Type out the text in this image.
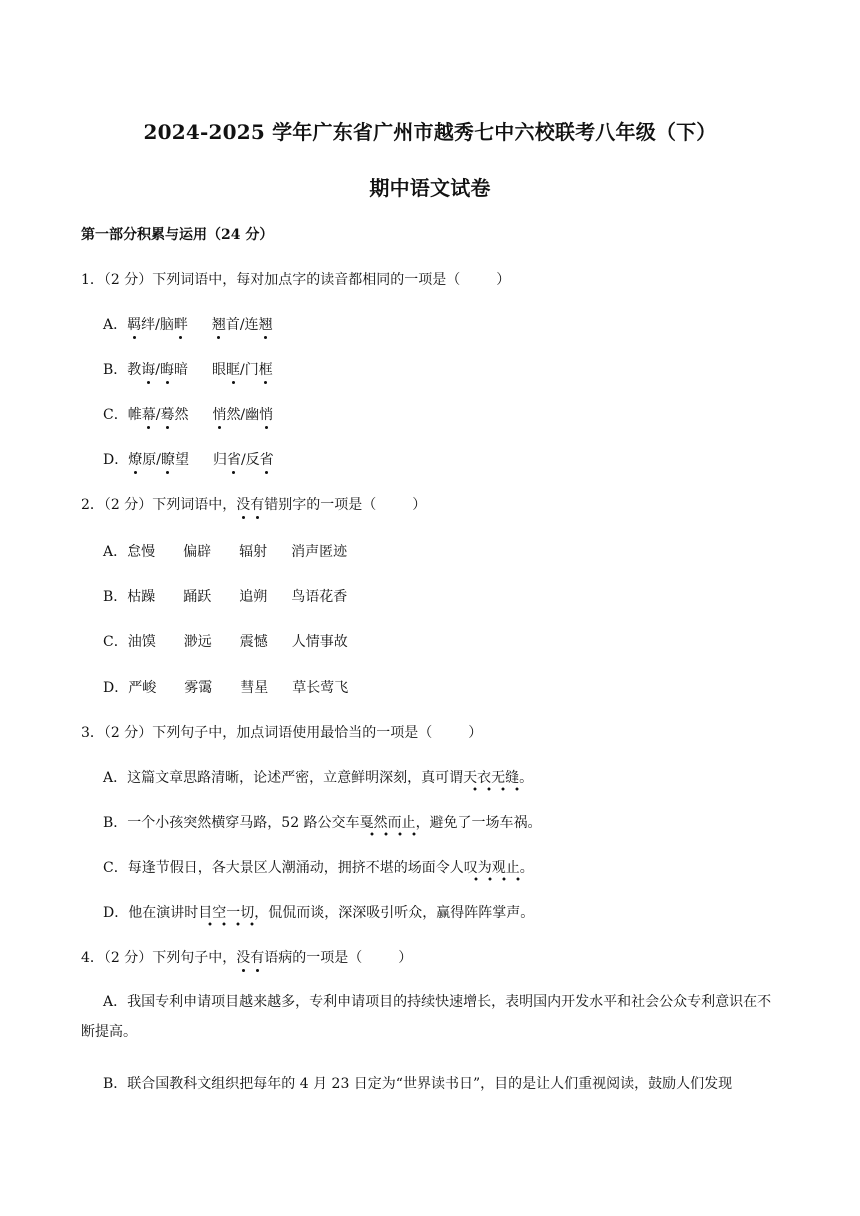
2024-2025 学年广东省广州市越秀七中六校联考八年级（下）
期中语文试卷
第一部分积累与运用（24 分）
1．（2 分）下列词语中，每对加点字的读音都相同的一项是（	）
A．羁绊/脑畔 翘首/连翘
B．教诲/晦暗 眼眶/门框
C．帷幕/蓦然 悄然/幽悄
D．燎原/瞭望 归省/反省
2．（2 分）下列词语中，没有错别字的一项是（	）
A．怠慢 偏辟 辐射 消声匿迹
B．枯躁 踊跃 追朔 鸟语花香
C．油馍 渺远 震憾 人情事故
D．严峻 雾霭 彗星 草长莺飞
3．（2 分）下列句子中，加点词语使用最恰当的一项是（	）
A．这篇文章思路清晰，论述严密，立意鲜明深刻，真可谓天衣无缝。
B．一个小孩突然横穿马路，52 路公交车戛然而止，避免了一场车祸。
C．每逢节假日，各大景区人潮涌动，拥挤不堪的场面令人叹为观止。
D．他在演讲时目空一切，侃侃而谈，深深吸引听众，赢得阵阵掌声。
4．（2 分）下列句子中，没有语病的一项是（	）
A．我国专利申请项目越来越多，专利申请项目的持续快速增长，表明国内开发水平和社会公众专利意识在不断提高。
B．联合国教科文组织把每年的 4 月 23 日定为“世界读书日”，目的是让人们重视阅读，鼓励人们发现
